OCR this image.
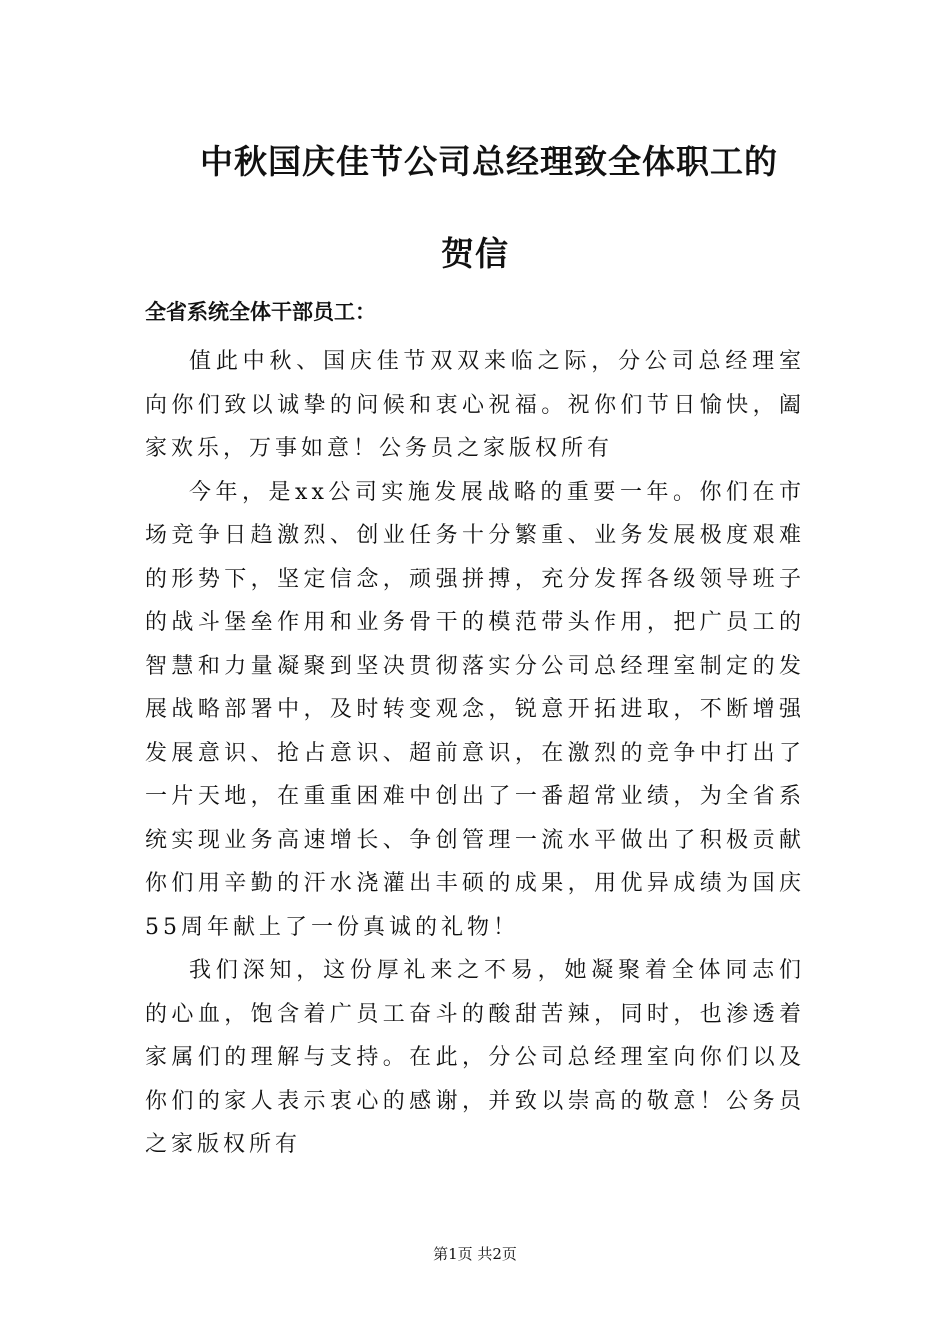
中秋国庆佳节公司总经理致全体职工的
贺信

全省系统全体干部员工：

值此中秋、国庆佳节双双来临之际，分公司总经理室向你们致以诚挚的问候和衷心祝福。祝你们节日愉快，阖家欢乐，万事如意！公务员之家版权所有

今年，是xx公司实施发展战略的重要一年。你们在市场竞争日趋激烈、创业任务十分繁重、业务发展极度艰难的形势下，坚定信念，顽强拼搏，充分发挥各级领导班子的战斗堡垒作用和业务骨干的模范带头作用，把广员工的智慧和力量凝聚到坚决贯彻落实分公司总经理室制定的发展战略部署中，及时转变观念，锐意开拓进取，不断增强发展意识、抢占意识、超前意识，在激烈的竞争中打出了一片天地，在重重困难中创出了一番超常业绩，为全省系统实现业务高速增长、争创管理一流水平做出了积极贡献你们用辛勤的汗水浇灌出丰硕的成果，用优异成绩为国庆55周年献上了一份真诚的礼物！

我们深知，这份厚礼来之不易，她凝聚着全体同志们的心血，饱含着广员工奋斗的酸甜苦辣，同时，也渗透着家属们的理解与支持。在此，分公司总经理室向你们以及你们的家人表示衷心的感谢，并致以崇高的敬意！公务员之家版权所有

第1页 共2页
